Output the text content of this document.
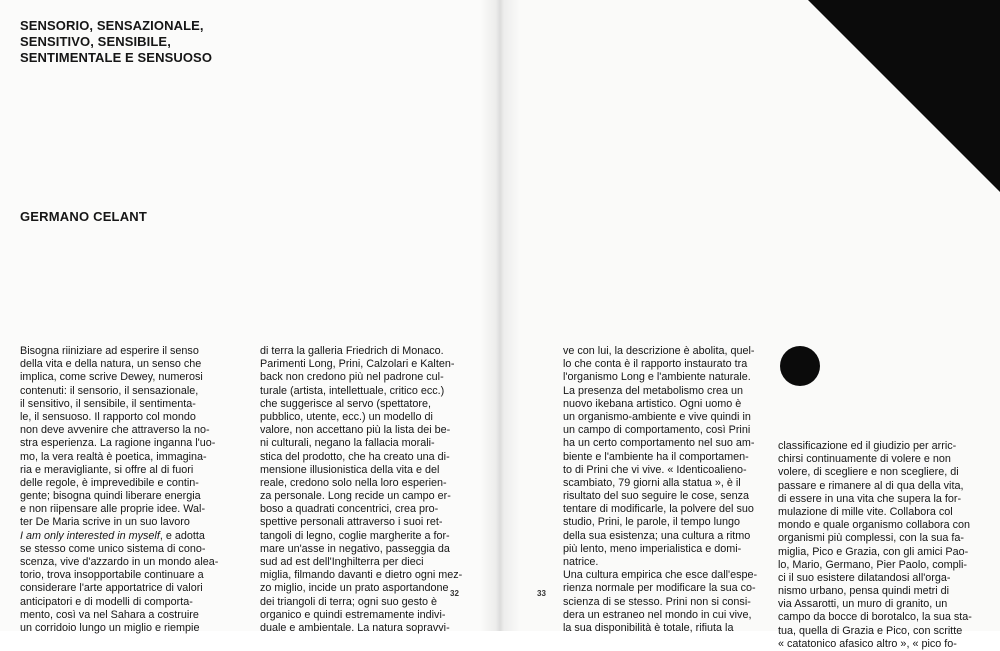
SENSORIO, SENSAZIONALE,
SENSITIVO, SENSIBILE,
SENTIMENTALE E SENSUOSO
GERMANO CELANT
Bisogna riiniziare ad esperire il senso
della vita e della natura, un senso che
implica, come scrive Dewey, numerosi
contenuti: il sensorio, il sensazionale,
il sensitivo, il sensibile, il sentimenta-
le, il sensuoso. Il rapporto col mondo
non deve avvenire che attraverso la no-
stra esperienza. La ragione inganna l'uo-
mo, la vera realtà è poetica, immagina-
ria e meravigliante, si offre al di fuori
delle regole, è imprevedibile e contin-
gente; bisogna quindi liberare energia
e non riipensare alle proprie idee. Wal-
ter De Maria scrive in un suo lavoro
I am only interested in myself, e adotta
se stesso come unico sistema di cono-
scenza, vive d'azzardo in un mondo alea-
torio, trova insopportabile continuare a
considerare l'arte apportatrice di valori
anticipatori e di modelli di comporta-
mento, così va nel Sahara a costruire
un corridoio lungo un miglio e riempie
di terra la galleria Friedrich di Monaco.
Parimenti Long, Prini, Calzolari e Kalten-
back non credono più nel padrone cul-
turale (artista, intellettuale, critico ecc.)
che suggerisce al servo (spettatore,
pubblico, utente, ecc.) un modello di
valore, non accettano più la lista dei be-
ni culturali, negano la fallacia morali-
stica del prodotto, che ha creato una di-
mensione illusionistica della vita e del
reale, credono solo nella loro esperien-
za personale. Long recide un campo er-
boso a quadrati concentrici, crea pro-
spettive personali attraverso i suoi ret-
tangoli di legno, coglie margherite a for-
mare un'asse in negativo, passeggia da
sud ad est dell'Inghilterra per dieci
miglia, filmando davanti e dietro ogni mez-
zo miglio, incide un prato asportandone
dei triangoli di terra; ogni suo gesto è
organico e quindi estremamente indivi-
duale e ambientale. La natura sopravvi-
ve con lui, la descrizione è abolita, quel-
lo che conta è il rapporto instaurato tra
l'organismo Long e l'ambiente naturale.
La presenza del metabolismo crea un
nuovo ikebana artistico. Ogni uomo è
un organismo-ambiente e vive quindi in
un campo di comportamento, così Prini
ha un certo comportamento nel suo am-
biente e l'ambiente ha il comportamen-
to di Prini che vi vive. « Identicoalieno-
scambiato, 79 giorni alla statua », è il
risultato del suo seguire le cose, senza
tentare di modificarle, la polvere del suo
studio, Prini, le parole, il tempo lungo
della sua esistenza; una cultura a ritmo
più lento, meno imperialistica e domi-
natrice.
Una cultura empirica che esce dall'espe-
rienza normale per modificare la sua co-
scienza di se stesso. Prini non si consi-
dera un estraneo nel mondo in cui vive,
la sua disponibilità è totale, rifiuta la
classificazione ed il giudizio per arric-
chirsi continuamente di volere e non
volere, di scegliere e non scegliere, di
passare e rimanere al di qua della vita,
di essere in una vita che supera la for-
mulazione di mille vite. Collabora col
mondo e quale organismo collabora con
organismi più complessi, con la sua fa-
miglia, Pico e Grazia, con gli amici Pao-
lo, Mario, Germano, Pier Paolo, compli-
ci il suo esistere dilatandosi all'orga-
nismo urbano, pensa quindi metri di
via Assarotti, un muro di granito, un
campo da bocce di borotalco, la sua sta-
tua, quella di Grazia e Pico, con scritte
« catatonico afasico altro », « pico fo-
32	33
